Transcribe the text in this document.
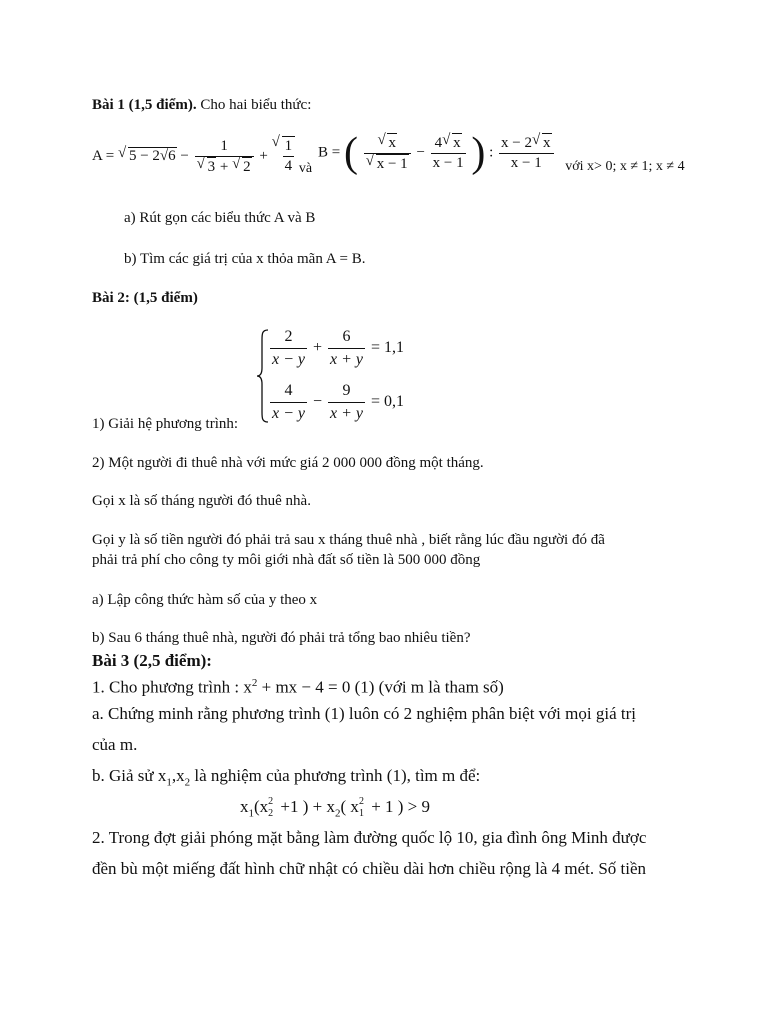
Bài 1 (1,5 điểm). Cho hai biểu thức:
A = √ 5 − 2√6 − 1
√ 3 + √ 2 + √ $\frac{1}{4}$ và
B = ( √ x
√ $x - 1 - \frac{4 √ x}{x - 1}$ ) : $\frac{x - 2 √ x}{x - 1}$ với x> 0; x ≠ 1; x ≠ 4
a) Rút gọn các biểu thức A và B
b) Tìm các giá trị của x thỏa mãn A = B.
Bài 2: (1,5 điểm)
$\frac{2}{x - y} + \frac{6}{x + y} = 1,1$
$\frac{4}{x - y} - \frac{9}{x + y} = 0,1$
1) Giải hệ phương trình:
2) Một người đi thuê nhà với mức giá 2 000 000 đồng một tháng.
Gọi x là số tháng người đó thuê nhà.
Gọi y là số tiền người đó phải trả sau x tháng thuê nhà , biết rằng lúc đầu người đó đã
phải trả phí cho công ty môi giới nhà đất số tiền là 500 000 đồng
a) Lập công thức hàm số của y theo x
b) Sau 6 tháng thuê nhà, người đó phải trả tổng bao nhiêu tiền?
Bài 3 (2,5 điểm):
1. Cho phương trình : $x^2$ + mx − 4 = 0 (1) (với m là tham số)
a. Chứng minh rằng phương trình (1) luôn có 2 nghiệm phân biệt với mọi giá trị
của m.
b. Giả sử $x_1,x_2$ là nghiệm của phương trình (1), tìm m để:
$x_1(x$ 2
2 +1 ) + $x_2$( x 2
1 + 1 ) > 9
2. Trong đợt giải phóng mặt bằng làm đường quốc lộ 10, gia đình ông Minh được
đền bù một miếng đất hình chữ nhật có chiều dài hơn chiều rộng là 4 mét. Số tiền
